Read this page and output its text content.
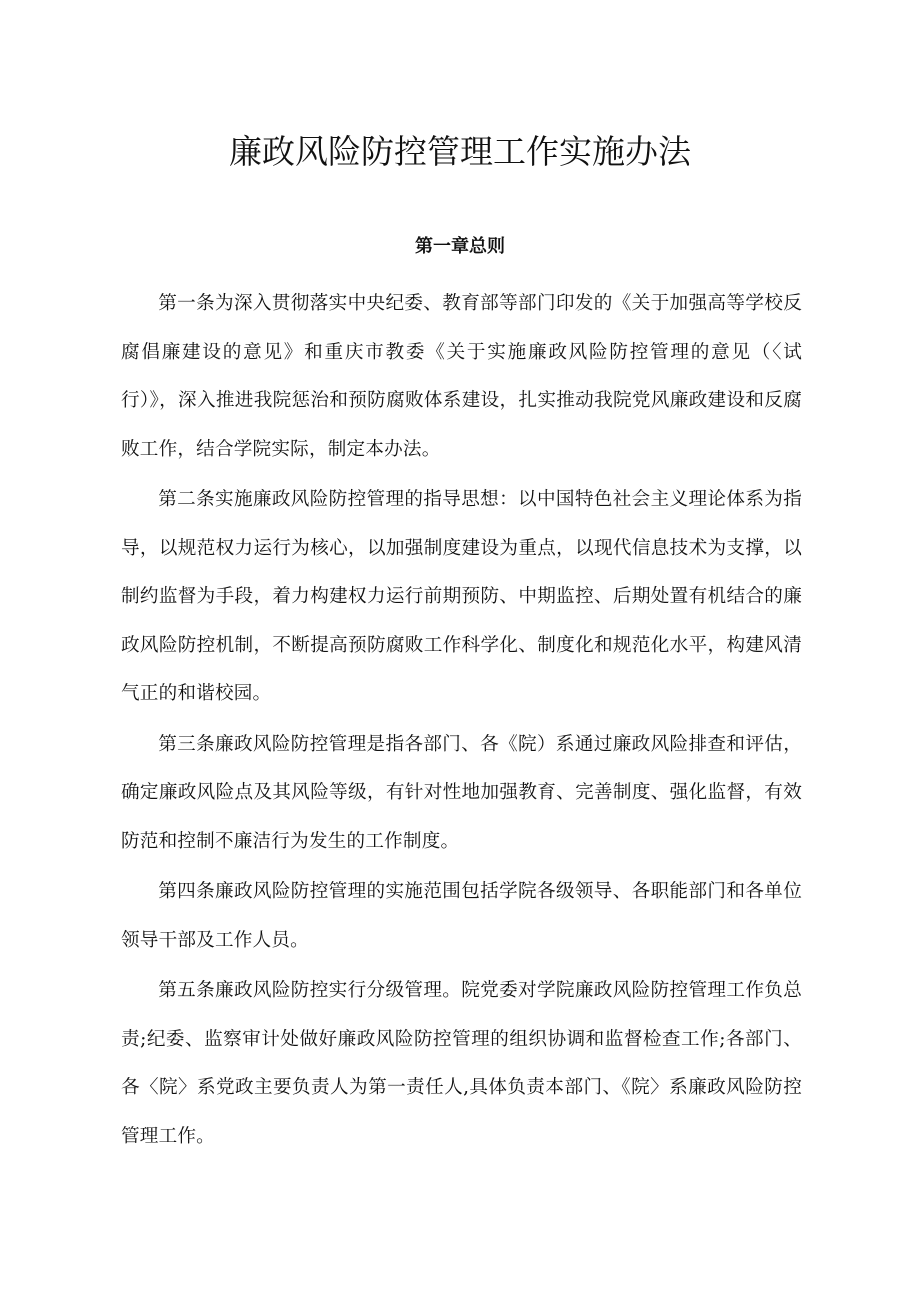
廉政风险防控管理工作实施办法
第一章总则

第一条为深入贯彻落实中央纪委、教育部等部门印发的《关于加强高等学校反腐倡廉建设的意见》和重庆市教委《关于实施廉政风险防控管理的意见（〈试行）》，深入推进我院惩治和预防腐败体系建设，扎实推动我院党风廉政建设和反腐败工作，结合学院实际，制定本办法。

第二条实施廉政风险防控管理的指导思想：以中国特色社会主义理论体系为指导，以规范权力运行为核心，以加强制度建设为重点，以现代信息技术为支撑，以制约监督为手段，着力构建权力运行前期预防、中期监控、后期处置有机结合的廉政风险防控机制，不断提高预防腐败工作科学化、制度化和规范化水平，构建风清气正的和谐校园。

第三条廉政风险防控管理是指各部门、各《院）系通过廉政风险排查和评估，确定廉政风险点及其风险等级，有针对性地加强教育、完善制度、强化监督，有效防范和控制不廉洁行为发生的工作制度。

第四条廉政风险防控管理的实施范围包括学院各级领导、各职能部门和各单位领导干部及工作人员。

第五条廉政风险防控实行分级管理。院党委对学院廉政风险防控管理工作负总责;纪委、监察审计处做好廉政风险防控管理的组织协调和监督检查工作;各部门、各〈院〉系党政主要负责人为第一责任人,具体负责本部门、《院〉系廉政风险防控管理工作。
